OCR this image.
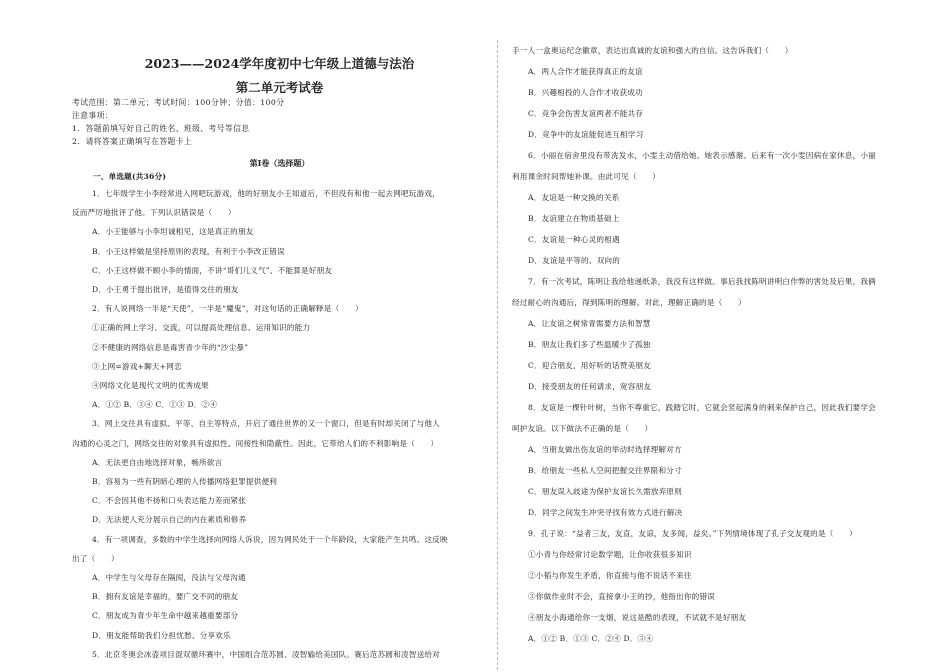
2023——2024学年度初中七年级上道德与法治
第二单元考试卷
考试范围：第二单元；考试时间：100分钟；分值：100分
注意事项：
1．答题前填写好自己的姓名、班级、考号等信息
2．请将答案正确填写在答题卡上
第I卷（选择题）
一、单选题(共36分)
1．七年级学生小李经常进入网吧玩游戏，他的好朋友小王知道后，不但没有和他一起去网吧玩游戏，
反而严厉地批评了他。下列认识错误是（　　）
A．小王能够与小李坦诚相见，这是真正的朋友
B．小王这样做是坚持原则的表现，有利于小李改正错误
C．小王这样做不顾小李的情面，不讲“哥们儿义气”、不能算是好朋友
D．小王勇于提出批评，是值得交往的朋友
2．有人说网络一半是“天使”，一半是“魔鬼”，对这句话的正确解释是（　　）
①正确的网上学习、交流，可以提高处理信息、运用知识的能力
②不健康的网络信息是毒害青少年的“沙尘暴”
③上网=游戏+聊天+网恋
④网络文化是现代文明的优秀成果
A．①② B．③④ C．①③ D．②④
3．网上交往具有虚拟、平等、自主等特点，开启了通往世界的又一个窗口，但是有时却关闭了与他人
沟通的心灵之门，网络交往的对象具有虚拟性、间接性和隐蔽性。因此，它带给人们的不利影响是（　　）
A．无法更自由地选择对象，畅所欲言
B．容易为一些有阴暗心理的人传播网络犯罪提供便利
C．不会因其他不扬和口头表达能力差而紧张
D．无法使人充分展示自己的内在素质和修养
4．有一项调查，多数的中学生选择向网络人诉说，因为网民处于一个年龄段，大家能产生共鸣。这反映
出了（　　）
A．中学生与父母存在隔阂，没法与父母沟通
B．拥有友谊是幸福的，要广交不同的朋友
C．朋友成为青少年生命中越来越重要部分
D．朋友能帮助我们分担忧愁、分享欢乐
5．北京冬奥会冰壶项目混双循环赛中，中国组合范苏圆、凌智输给美国队。赛后范苏圆和凌智送给对
手一人一盒奥运纪念徽章，表达出真诚的友谊和强大的自信。这告诉我们（　　）
A．两人合作才能获得真正的友谊
B．兴趣相投的人合作才收获成功
C．竞争会伤害友谊两者不能共存
D．竞争中的友谊能促进互相学习
6．小丽在宿舍里没有带洗发水，小雯主动借给她。她表示感谢。后来有一次小雯因病在家休息，小丽
利用课余时间帮她补课。由此可见（　　）
A．友谊是一种交换的关系
B．友谊建立在物质基础上
C．友谊是一种心灵的相遇
D．友谊是平等的、双向的
7．有一次考试，陈明让我给他递纸条，我没有这样做。事后我找陈明讲明白作弊的害处及后果，我俩
经过耐心的沟通后，得到陈明的理解。对此，理解正确的是（　　）
A．让友谊之树常青需要方法和智慧
B．朋友让我们多了些温暖少了孤独
C．迎合朋友，用好听的话赞美朋友
D．接受朋友的任何请求，宽容朋友
8．友谊是一棵针叶树，当你不尊重它，践踏它时，它就会竖起满身的刺来保护自己，因此我们要学会
呵护友谊。以下做法不正确的是（　　）
A．当朋友做出伤友谊的举动时选择理解对方
B．给朋友一些私人空间把握交往界限和分寸
C．朋友误入歧途为保护友谊长久需放弃原则
D．同学之间发生冲突寻找有效方式进行解决
9．孔子说：“益者三友，友直，友谅，友多闻，益矣。”下列情境体现了孔子交友观的是（　　）
①小青与你经常讨论数学题，让你收获很多知识
②小韬与你发生矛盾，你直接与他不说话不来往
③你做作业时不会，直接拿小王的抄，他指出你的错误
④朋友小海通给你一支烟，说这是酷的表现，不试就不是好朋友
A．①② B．①③ C．②④ D．③④
